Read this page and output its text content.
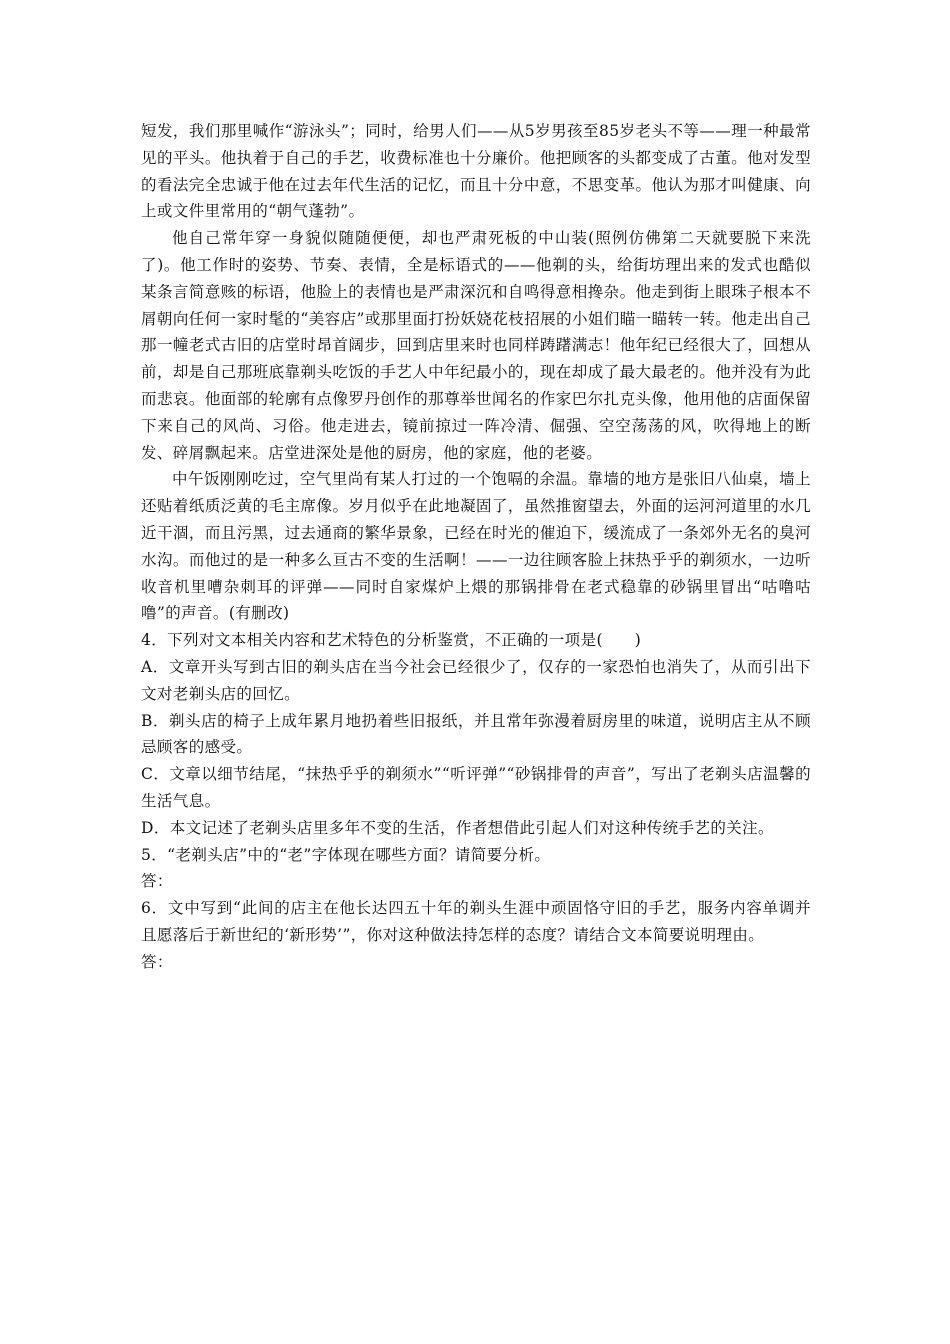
短发，我们那里喊作“游泳头”；同时，给男人们——从5岁男孩至85岁老头不等——理一种最常见的平头。他执着于自己的手艺，收费标准也十分廉价。他把顾客的头都变成了古董。他对发型的看法完全忠诚于他在过去年代生活的记忆，而且十分中意，不思变革。他认为那才叫健康、向上或文件里常用的“朝气蓬勃”。

他自己常年穿一身貌似随随便便，却也严肃死板的中山装(照例仿佛第二天就要脱下来洗了)。他工作时的姿势、节奏、表情，全是标语式的——他剃的头，给街坊理出来的发式也酷似某条言简意赅的标语，他脸上的表情也是严肃深沉和自鸣得意相搀杂。他走到街上眼珠子根本不屑朝向任何一家时髦的“美容店”或那里面打扮妖娆花枝招展的小姐们瞄一瞄转一转。他走出自己那一幢老式古旧的店堂时昂首阔步，回到店里来时也同样踌躇满志！他年纪已经很大了，回想从前，却是自己那班底靠剃头吃饭的手艺人中年纪最小的，现在却成了最大最老的。他并没有为此而悲哀。他面部的轮廓有点像罗丹创作的那尊举世闻名的作家巴尔扎克头像，他用他的店面保留下来自己的风尚、习俗。他走进去，镜前掠过一阵冷清、倔强、空空荡荡的风，吹得地上的断发、碎屑飘起来。店堂进深处是他的厨房，他的家庭，他的老婆。

中午饭刚刚吃过，空气里尚有某人打过的一个饱嗝的余温。靠墙的地方是张旧八仙桌，墙上还贴着纸质泛黄的毛主席像。岁月似乎在此地凝固了，虽然推窗望去，外面的运河河道里的水几近干涸，而且污黑，过去通商的繁华景象，已经在时光的催迫下，缓流成了一条郊外无名的臭河水沟。而他过的是一种多么亘古不变的生活啊！——一边往顾客脸上抹热乎乎的剃须水，一边听收音机里嘈杂刺耳的评弹——同时自家煤炉上煨的那锅排骨在老式稳靠的砂锅里冒出“咕噜咕噜”的声音。(有删改)

4．下列对文本相关内容和艺术特色的分析鉴赏，不正确的一项是(　　)

A．文章开头写到古旧的剃头店在当今社会已经很少了，仅存的一家恐怕也消失了，从而引出下文对老剃头店的回忆。

B．剃头店的椅子上成年累月地扔着些旧报纸，并且常年弥漫着厨房里的味道，说明店主从不顾忌顾客的感受。

C．文章以细节结尾，“抹热乎乎的剃须水”“听评弹”“砂锅排骨的声音”，写出了老剃头店温馨的生活气息。

D．本文记述了老剃头店里多年不变的生活，作者想借此引起人们对这种传统手艺的关注。

5．“老剃头店”中的“老”字体现在哪些方面？请简要分析。

答：

6．文中写到“此间的店主在他长达四五十年的剃头生涯中顽固恪守旧的手艺，服务内容单调并且愿落后于新世纪的‘新形势’”，你对这种做法持怎样的态度？请结合文本简要说明理由。

答：
